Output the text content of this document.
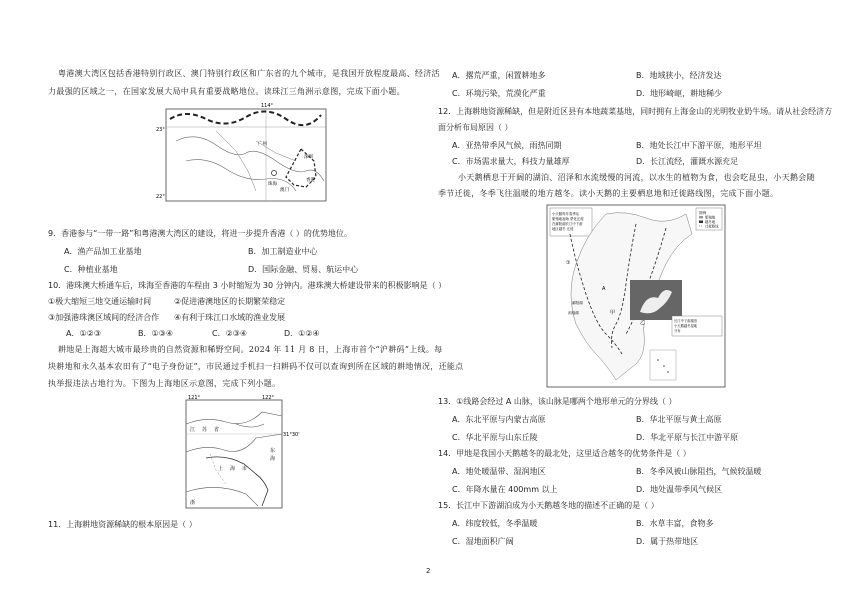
粤港澳大湾区包括香港特别行政区、澳门特别行政区和广东省的九个城市，是我国开放程度最高、经济活
力最强的区域之一，在国家发展大局中具有重要战略地位。读珠江三角洲示意图，完成下面小题。
114°
23°
22°
广州
深圳
珠海
澳门
香港
9．香港参与“一带一路”和粤港澳大湾区的建设，将进一步提升香港（ ）的优势地位。
A．渔产品加工业基地	B．加工制造业中心
C．种植业基地	D．国际金融、贸易、航运中心
10．港珠澳大桥通车后，珠海至香港的车程由 3 小时缩短为 30 分钟内。港珠澳大桥建设带来的积极影响是（ ）
①极大缩短三地交通运输时间	②促进港澳地区的长期繁荣稳定
③加强港珠澳区域间的经济合作 ④有利于珠江口水域的渔业发展
A．①②③	B．①③④	C．②③④	D．①②④
耕地是上海超大城市最珍贵的自然资源和稀野空间。2024 年 11 月 8 日，上海市首个“沪耕码”上线。每
块耕地和永久基本农田有了“电子身份证”，市民通过手机扫一扫耕码不仅可以查询到所在区域的耕地情况，还能点
执举报违法占地行为。下图为上海地区示意图，完成下列小题。
121°	122°
31°30'
江 苏 省
上 海 市
东
海
浙
11．上海耕地资源稀缺的根本原因是（ ）
A．撂荒严重，闲置耕地多	B．地域狭小，经济发达
C．环境污染，荒漠化严重	D．地形崎岖，耕地稀少
12．上海耕地资源稀缺，但是附近区县有本地蔬菜基地，同时拥有上海金山的光明牧业奶牛场。请从社会经济方
面分析布局原因（ ）
A．亚热带季风气候，雨热同期	B．地处长江中下游平原，地形平坦
C．市场需求量大，科技力量雄厚	D．长江流经，灌溉水源充足
小天鹅栖息于开阔的湖泊、沼泽和水流缓慢的河流，以水生的植物为食，也会吃昆虫，小天鹅会随
季节迁徙，冬季飞往温暖的地方越冬。读小天鹅的主要栖息地和迁徙路线图，完成下面小题。
小天鹅每年春季从
繁殖地起始 蒙化迁徙
在鄱阳湖长江中下游
地区越冬 迁徙
图例
繁殖地
越冬地
迁徙路线
①
A
甲
乙
鄱阳湖
洞庭湖
长江中下游湖泊
小天鹅越冬湿地
分布
13．①线路会经过 A 山脉，该山脉是哪两个地形单元的分界线（ ）
A．东北平原与内蒙古高原	B．华北平原与黄土高原
C．华北平原与山东丘陵	D．华北平原与长江中游平原
14．甲地是我国小天鹅越冬的最北处，这里适合越冬的优势条件是（ ）
A．地处暖温带、湿润地区	B．冬季风被山脉阻挡，气候较温暖
C．年降水量在 400mm 以上	D．地处温带季风气候区
15．长江中下游湖泊成为小天鹅越冬地的描述不正确的是（ ）
A．纬度较低，冬季温暖	B．水草丰富，食物多
C．湿地面积广阔	D．属于热带地区
2
